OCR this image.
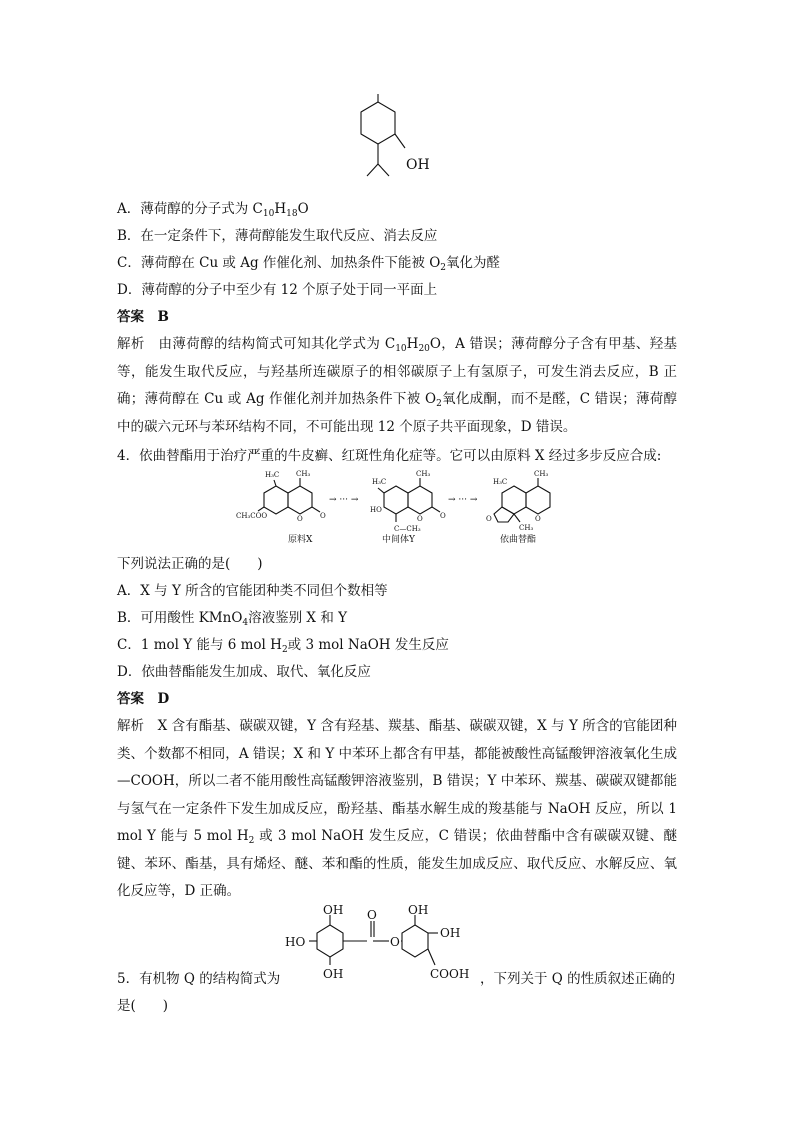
OH
A．薄荷醇的分子式为 $C_{10}H_{18}O$
B．在一定条件下，薄荷醇能发生取代反应、消去反应
C．薄荷醇在 Cu 或 Ag 作催化剂、加热条件下能被 $O_2$氧化为醛
D．薄荷醇的分子中至少有 12 个原子处于同一平面上
答案　B
解析　由薄荷醇的结构简式可知其化学式为 $C_{10}H_{20}O$，A 错误；薄荷醇分子含有甲基、羟基等，能发生取代反应，与羟基所连碳原子的相邻碳原子上有氢原子，可发生消去反应，B 正确；薄荷醇在 Cu 或 Ag 作催化剂并加热条件下被 $O_2$氧化成酮，而不是醛，C 错误；薄荷醇中的碳六元环与苯环结构不同，不可能出现 12 个原子共平面现象，D 错误。
4．依曲替酯用于治疗严重的牛皮癣、红斑性角化症等。它可以由原料 X 经过多步反应合成:
H₃C CH₃
CH₃COO	O O
→ ··· →
H₃C
CH₃
HO
C—CH₃
O O
→ ··· →
CH₃
H₃C
O
CH₃
O
原料X	中间体Y	依曲替酯
下列说法正确的是(　　)
A．X 与 Y 所含的官能团种类不同但个数相等
B．可用酸性 KMnO$_4$溶液鉴别 X 和 Y
C．1 mol Y 能与 6 mol $H_2$或 3 mol NaOH 发生反应
D．依曲替酯能发生加成、取代、氧化反应
答案　D
解析　X 含有酯基、碳碳双键，Y 含有羟基、羰基、酯基、碳碳双键，X 与 Y 所含的官能团种类、个数都不相同，A 错误；X 和 Y 中苯环上都含有甲基，都能被酸性高锰酸钾溶液氧化生成—COOH，所以二者不能用酸性高锰酸钾溶液鉴别，B 错误；Y 中苯环、羰基、碳碳双键都能与氢气在一定条件下发生加成反应，酚羟基、酯基水解生成的羧基能与 NaOH 反应，所以 1 mol Y 能与 5 mol $H_2$ 或 3 mol NaOH 发生反应，C 错误；依曲替酯中含有碳碳双键、醚键、苯环、酯基，具有烯烃、醚、苯和酯的性质，能发生加成反应、取代反应、水解反应、氧化反应等，D 正确。
OH
HO
OH
O
O
OH
OH
COOH
5．有机物 Q 的结构简式为	，下列关于 Q 的性质叙述正确的
是(　　)
